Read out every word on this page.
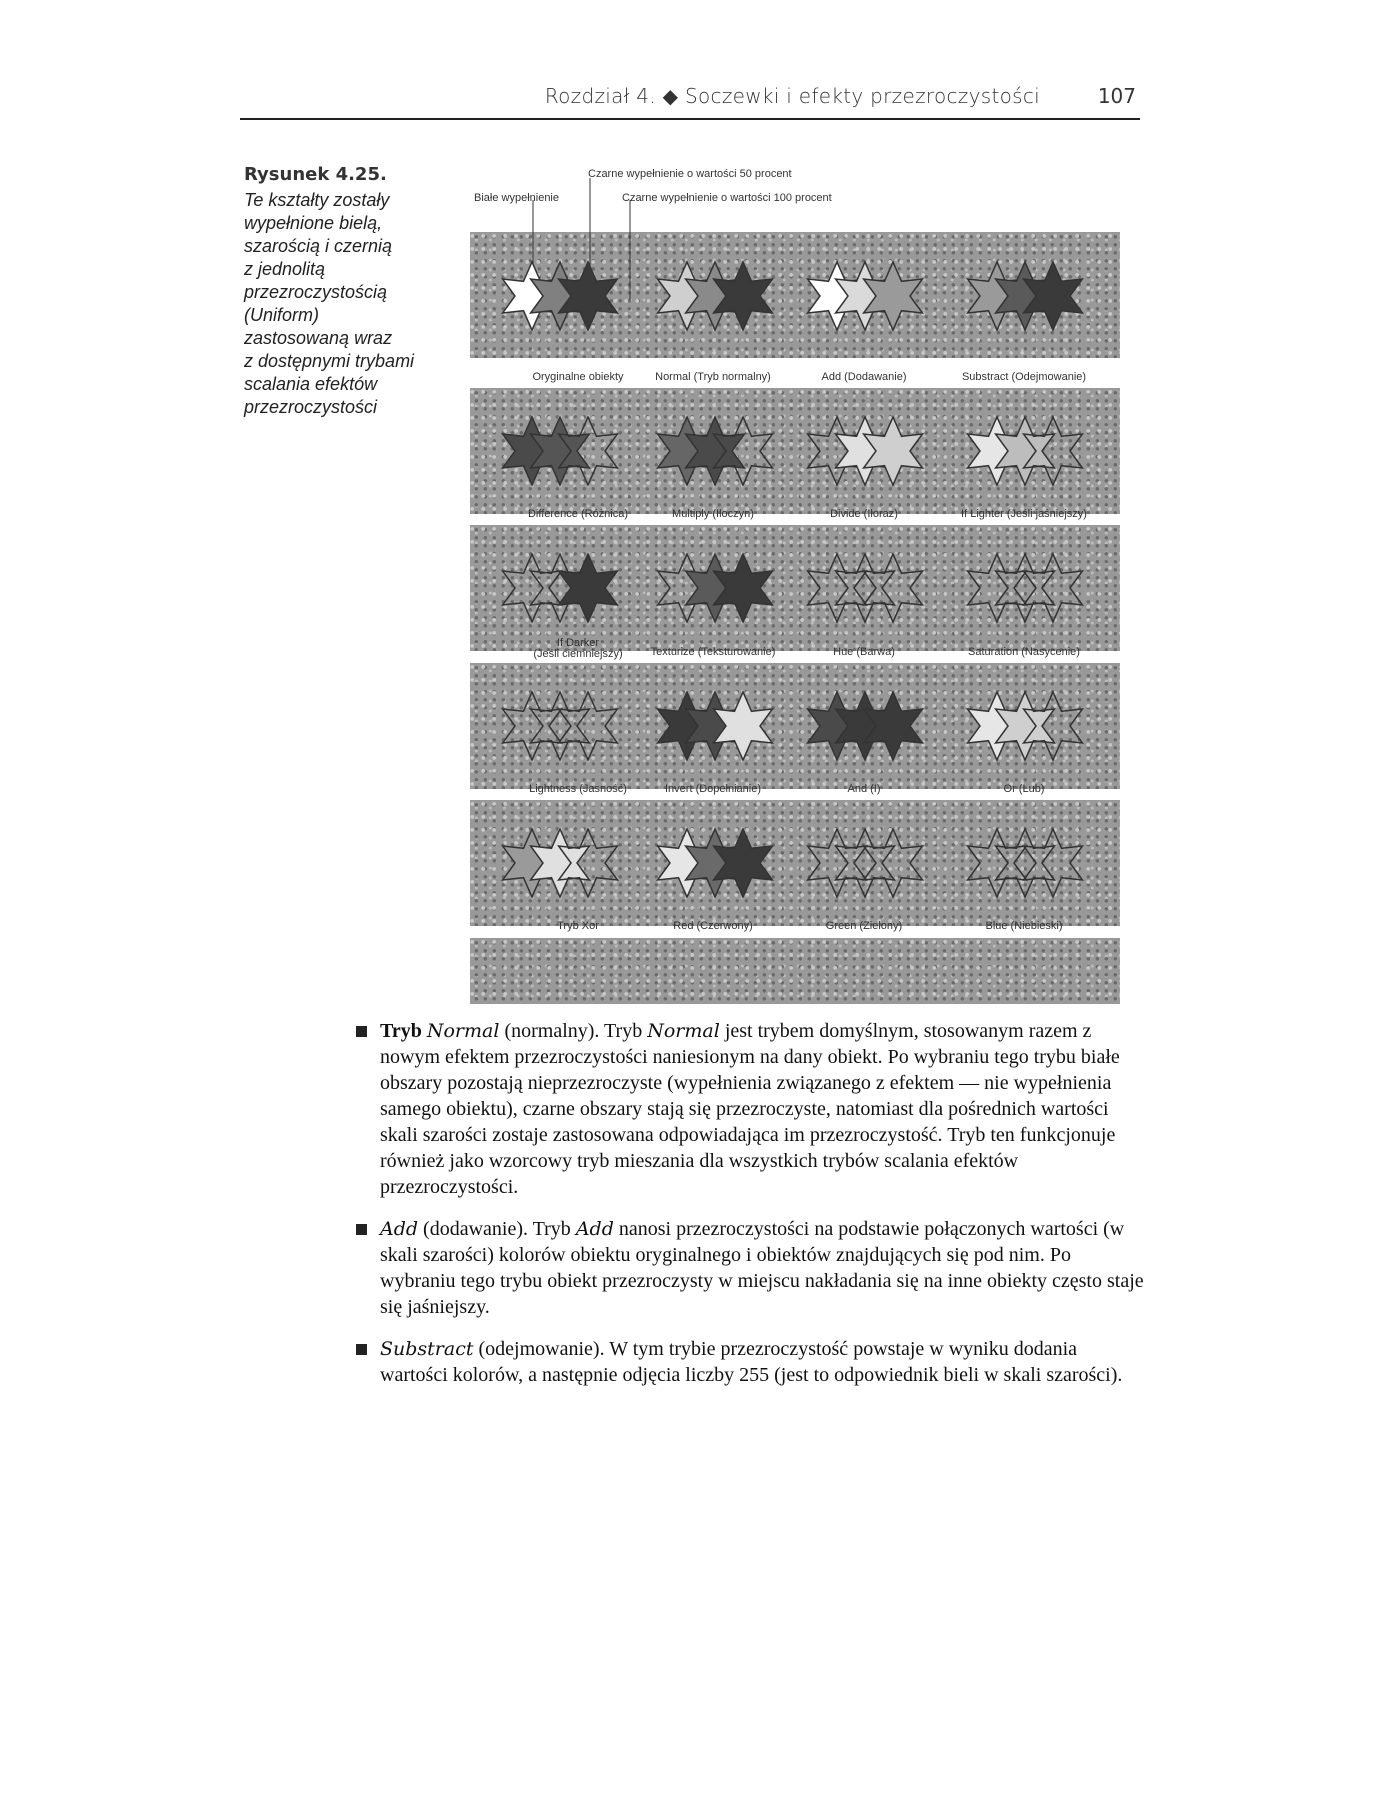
Rozdział 4. ◆ Soczewki i efekty przezroczystości	107
Rysunek 4.25.
Te kształty zostały
wypełnione bielą,
szarością i czernią
z jednolitą
przezroczystością
(Uniform)
zastosowaną wraz
z dostępnymi trybami
scalania efektów
przezroczystości
Czarne wypełnienie o wartości 50 procent
Białe wypełnienie	Czarne wypełnienie o wartości 100 procent
Oryginalne obiekty	Normal (Tryb normalny)	Add (Dodawanie)	Substract (Odejmowanie)
Difference (Różnica)	Multiply (Iloczyn)	Divide (Iloraz)	If Lighter (Jeśli jaśniejszy)
If Darker
(Jeśli ciemniejszy)	Texturize (Teksturowanie)	Hue (Barwa)	Saturation (Nasycenie)
Lightness (Jasność)	Invert (Dopełnianie)	And (I)	Or (Lub)
Tryb Xor	Red (Czerwony)	Green (Zielony)	Blue (Niebieski)
Tryb Normal (normalny). Tryb Normal jest trybem domyślnym, stosowanym razem z nowym efektem przezroczystości naniesionym na dany obiekt. Po wybraniu tego trybu białe obszary pozostają nieprzezroczyste (wypełnienia związanego z efektem — nie wypełnienia samego obiektu), czarne obszary stają się przezroczyste, natomiast dla pośrednich wartości skali szarości zostaje zastosowana odpowiadająca im przezroczystość. Tryb ten funkcjonuje również jako wzorcowy tryb mieszania dla wszystkich trybów scalania efektów przezroczystości.
Add (dodawanie). Tryb Add nanosi przezroczystości na podstawie połączonych wartości (w skali szarości) kolorów obiektu oryginalnego i obiektów znajdujących się pod nim. Po wybraniu tego trybu obiekt przezroczysty w miejscu nakładania się na inne obiekty często staje się jaśniejszy.
Substract (odejmowanie). W tym trybie przezroczystość powstaje w wyniku dodania wartości kolorów, a następnie odjęcia liczby 255 (jest to odpowiednik bieli w skali szarości).
